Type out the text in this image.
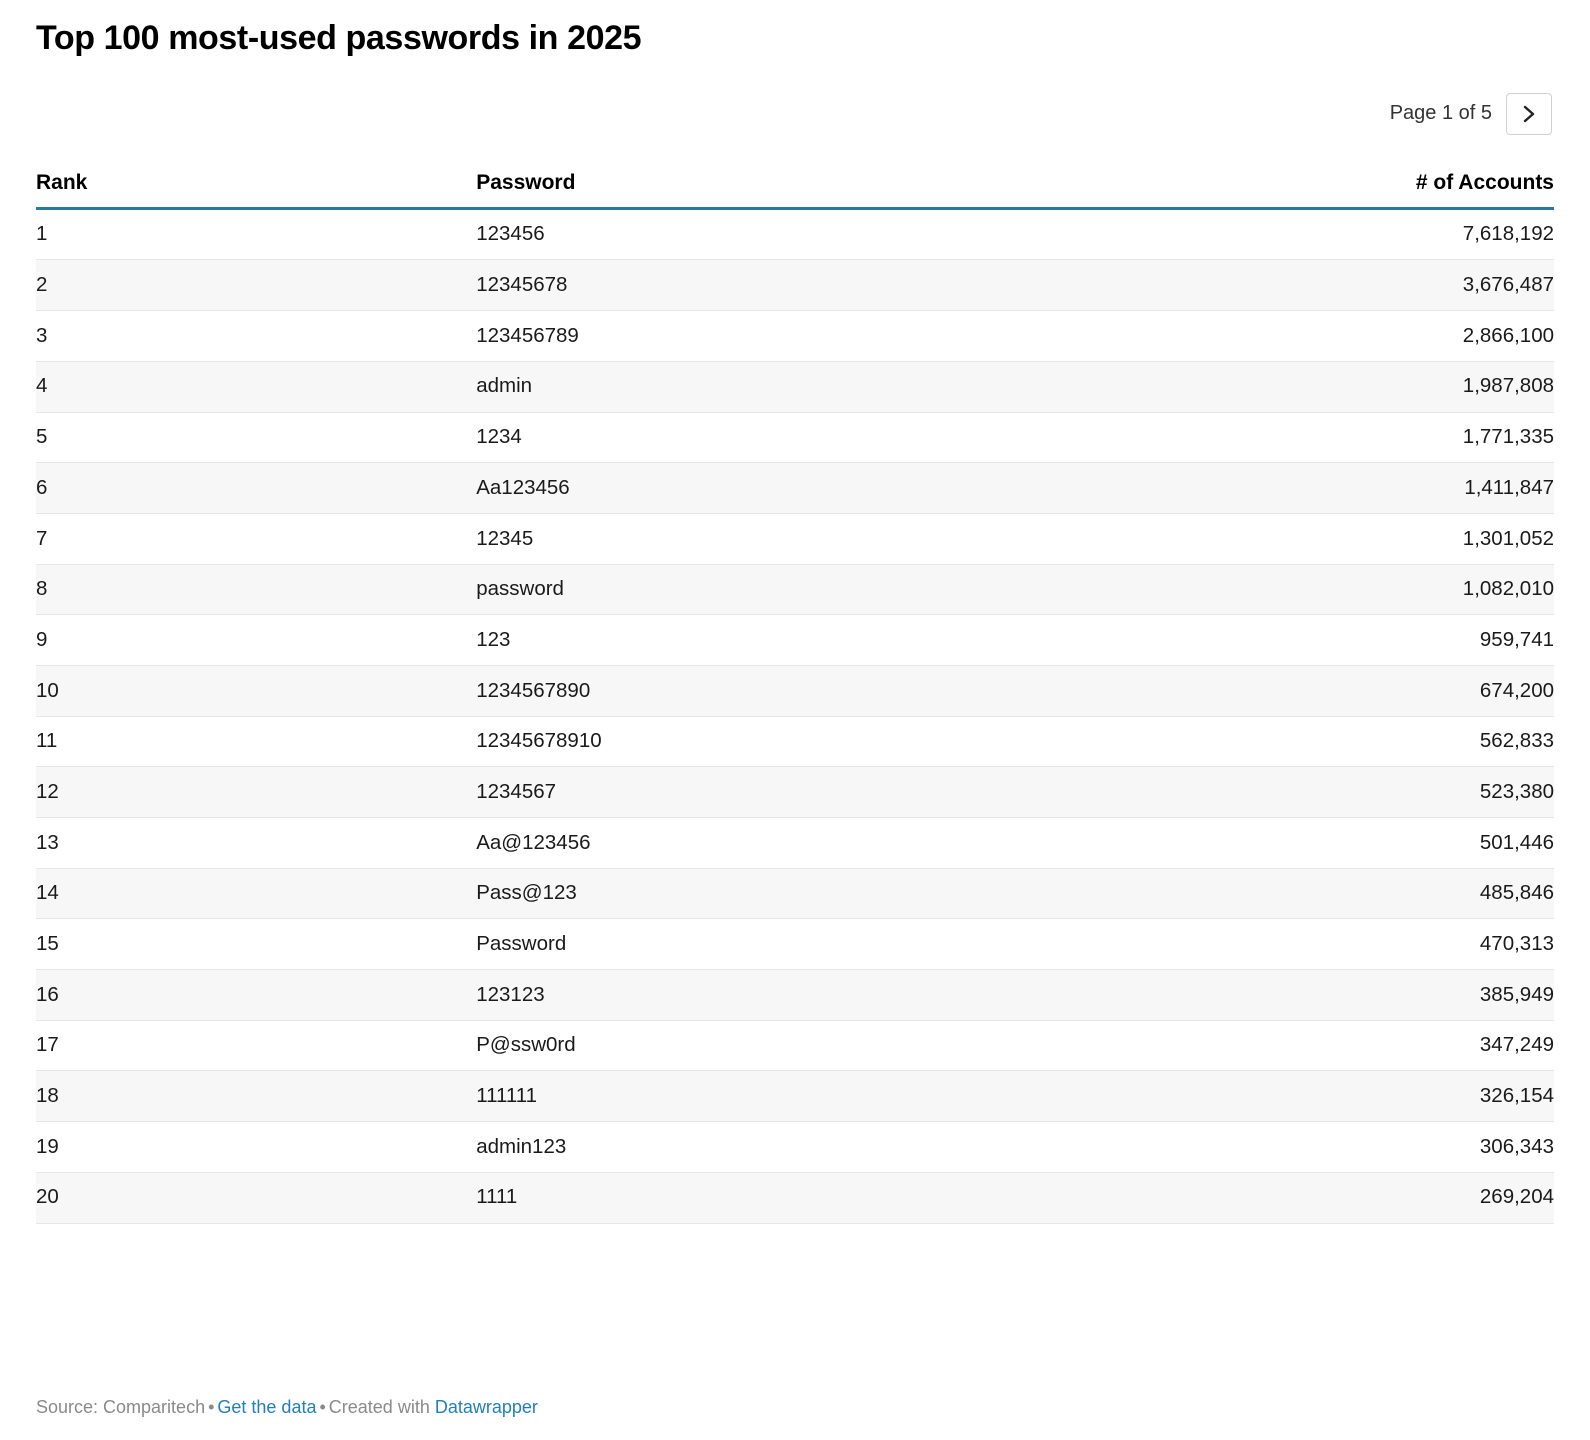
Top 100 most-used passwords in 2025
Page 1 of 5
Rank	Password	# of Accounts
1	123456	7,618,192
2	12345678	3,676,487
3	123456789	2,866,100
4	admin	1,987,808
5	1234	1,771,335
6	Aa123456	1,411,847
7	12345	1,301,052
8	password	1,082,010
9	123	959,741
10	1234567890	674,200
11	12345678910	562,833
12	1234567	523,380
13	Aa@123456	501,446
14	Pass@123	485,846
15	Password	470,313
16	123123	385,949
17	P@ssw0rd	347,249
18	111111	326,154
19	admin123	306,343
20	1111	269,204
Source: Comparitech • Get the data • Created with Datawrapper
